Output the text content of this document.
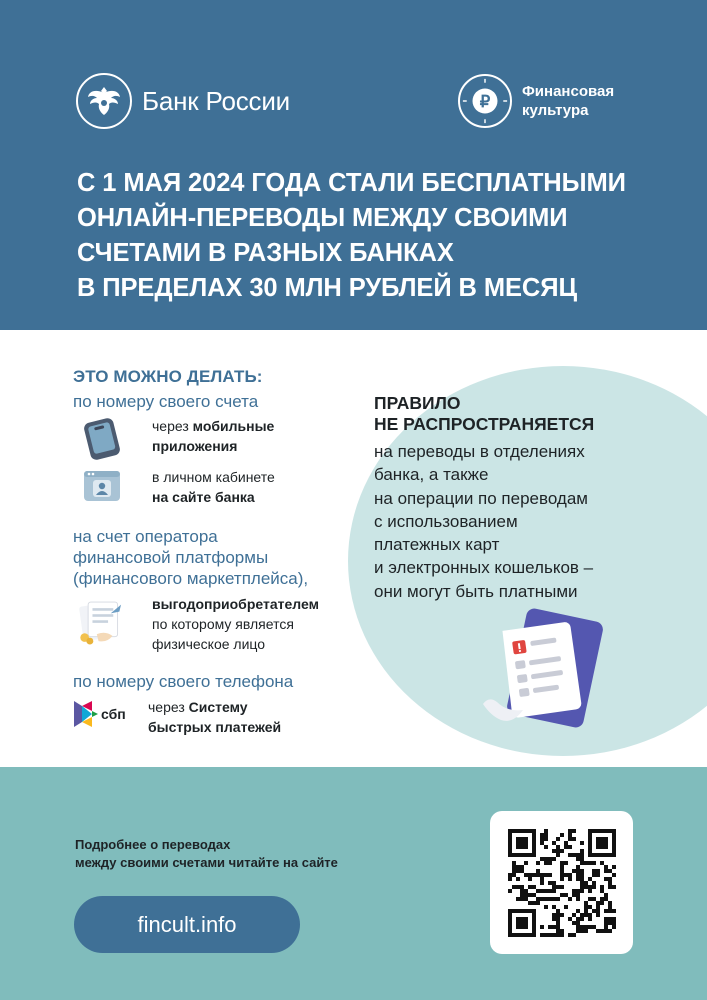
Банк России	₽
Финансовая
культура
С 1 МАЯ 2024 ГОДА СТАЛИ БЕСПЛАТНЫМИ
ОНЛАЙН-ПЕРЕВОДЫ МЕЖДУ СВОИМИ
СЧЕТАМИ В РАЗНЫХ БАНКАХ
В ПРЕДЕЛАХ 30 МЛН РУБЛЕЙ В МЕСЯЦ
ПРАВИЛО
НЕ РАСПРОСТРАНЯЕТСЯ
на переводы в отделениях
банка, а также
на операции по переводам
с использованием
платежных карт
и электронных кошельков –
они могут быть платными
ЭТО МОЖНО ДЕЛАТЬ:
по номеру своего счета
через мобильные
приложения
в личном кабинете
на сайте банка
на счет оператора
финансовой платформы
(финансового маркетплейса),
выгодоприобретателем
по которому является
физическое лицо
по номеру своего телефона
сбп через Систему
быстрых платежей
Подробнее о переводах
между своими счетами читайте на сайте
fincult.info
